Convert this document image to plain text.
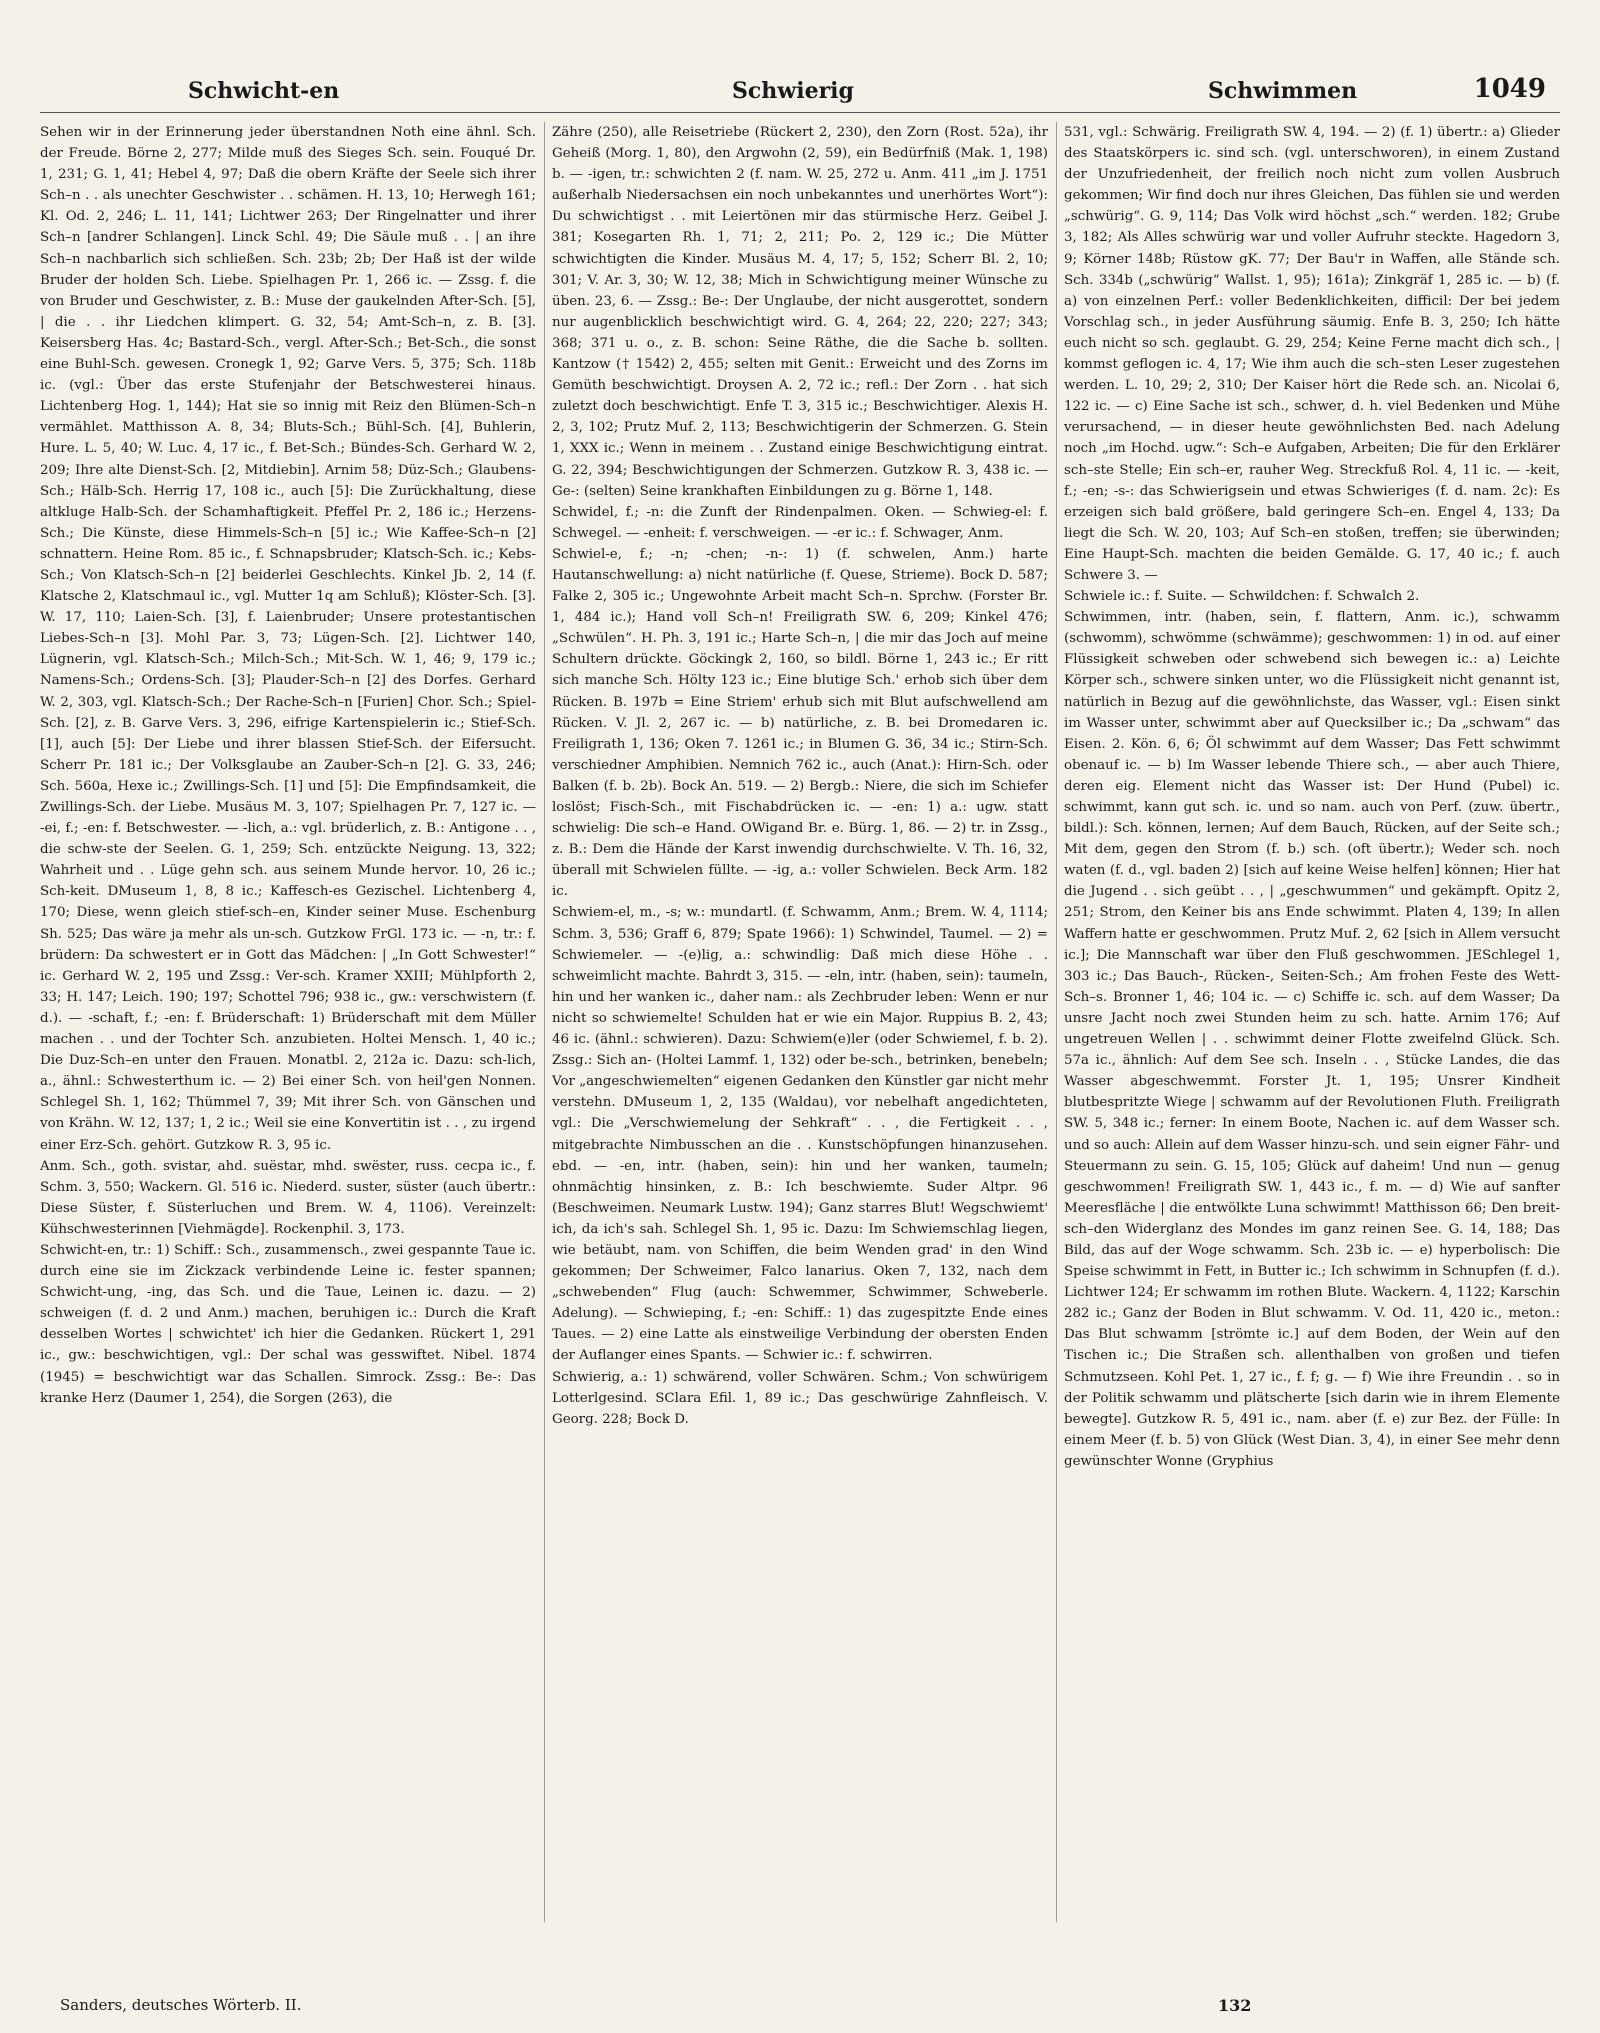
Schwicht-en	Schwierig	Schwimmen	1049

Sehen wir in der Erinnerung jeder überstandnen Noth eine ähnl. Sch. der Freude. Börne 2, 277; Milde muß des Sieges Sch. sein. Fouqué Dr. 1, 231; G. 1, 41; Hebel 4, 97; Daß die obern Kräfte der Seele sich ihrer Sch–n . . als unechter Geschwister . . schämen. H. 13, 10; Herwegh 161; Kl. Od. 2, 246; L. 11, 141; Lichtwer 263; Der Ringelnatter und ihrer Sch–n [andrer Schlangen]. Linck Schl. 49; Die Säule muß . . | an ihre Sch–n nachbarlich sich schließen. Sch. 23b; 2b; Der Haß ist der wilde Bruder der holden Sch. Liebe. Spielhagen Pr. 1, 266 ic. — Zssg. f. die von Bruder und Geschwister, z. B.: Muse der gaukelnden After-Sch. [5], | die . . ihr Liedchen klimpert. G. 32, 54; Amt-Sch–n, z. B. [3]. Keisersberg Has. 4c; Bastard-Sch., vergl. After-Sch.; Bet-Sch., die sonst eine Buhl-Sch. gewesen. Cronegk 1, 92; Garve Vers. 5, 375; Sch. 118b ic. (vgl.: Über das erste Stufenjahr der Betschwesterei hinaus. Lichtenberg Hog. 1, 144); Hat sie so innig mit Reiz den Blümen-Sch–n vermählet. Matthisson A. 8, 34; Bluts-Sch.; Bühl-Sch. [4], Buhlerin, Hure. L. 5, 40; W. Luc. 4, 17 ic., f. Bet-Sch.; Bündes-Sch. Gerhard W. 2, 209; Ihre alte Dienst-Sch. [2, Mitdiebin]. Arnim 58; Düz-Sch.; Glaubens-Sch.; Hälb-Sch. Herrig 17, 108 ic., auch [5]: Die Zurückhaltung, diese altkluge Halb-Sch. der Schamhaftigkeit. Pfeffel Pr. 2, 186 ic.; Herzens-Sch.; Die Künste, diese Himmels-Sch–n [5] ic.; Wie Kaffee-Sch–n [2] schnattern. Heine Rom. 85 ic., f. Schnapsbruder; Klatsch-Sch. ic.; Kebs-Sch.; Von Klatsch-Sch–n [2] beiderlei Geschlechts. Kinkel Jb. 2, 14 (f. Klatsche 2, Klatschmaul ic., vgl. Mutter 1q am Schluß); Klöster-Sch. [3]. W. 17, 110; Laien-Sch. [3], f. Laienbruder; Unsere protestantischen Liebes-Sch–n [3]. Mohl Par. 3, 73; Lügen-Sch. [2]. Lichtwer 140, Lügnerin, vgl. Klatsch-Sch.; Milch-Sch.; Mit-Sch. W. 1, 46; 9, 179 ic.; Namens-Sch.; Ordens-Sch. [3]; Plauder-Sch–n [2] des Dorfes. Gerhard W. 2, 303, vgl. Klatsch-Sch.; Der Rache-Sch–n [Furien] Chor. Sch.; Spiel-Sch. [2], z. B. Garve Vers. 3, 296, eifrige Kartenspielerin ic.; Stief-Sch. [1], auch [5]: Der Liebe und ihrer blassen Stief-Sch. der Eifersucht. Scherr Pr. 181 ic.; Der Volksglaube an Zauber-Sch–n [2]. G. 33, 246; Sch. 560a, Hexe ic.; Zwillings-Sch. [1] und [5]: Die Empfindsamkeit, die Zwillings-Sch. der Liebe. Musäus M. 3, 107; Spielhagen Pr. 7, 127 ic. — -ei, f.; -en: f. Betschwester. — -lich, a.: vgl. brüderlich, z. B.: Antigone . . , die schw-ste der Seelen. G. 1, 259; Sch. entzückte Neigung. 13, 322; Wahrheit und . . Lüge gehn sch. aus seinem Munde hervor. 10, 26 ic.; Sch-keit. DMuseum 1, 8, 8 ic.; Kaffesch-es Gezischel. Lichtenberg 4, 170; Diese, wenn gleich stief-sch–en, Kinder seiner Muse. Eschenburg Sh. 525; Das wäre ja mehr als un-sch. Gutzkow FrGl. 173 ic. — -n, tr.: f. brüdern: Da schwestert er in Gott das Mädchen: | „In Gott Schwester!“ ic. Gerhard W. 2, 195 und Zssg.: Ver-sch. Kramer XXIII; Mühlpforth 2, 33; H. 147; Leich. 190; 197; Schottel 796; 938 ic., gw.: verschwistern (f. d.). — -schaft, f.; -en: f. Brüderschaft: 1) Brüderschaft mit dem Müller machen . . und der Tochter Sch. anzubieten. Holtei Mensch. 1, 40 ic.; Die Duz-Sch–en unter den Frauen. Monatbl. 2, 212a ic. Dazu: sch-lich, a., ähnl.: Schwesterthum ic. — 2) Bei einer Sch. von heil'gen Nonnen. Schlegel Sh. 1, 162; Thümmel 7, 39; Mit ihrer Sch. von Gänschen und von Krähn. W. 12, 137; 1, 2 ic.; Weil sie eine Konvertitin ist . . , zu irgend einer Erz-Sch. gehört. Gutzkow R. 3, 95 ic.

Anm. Sch., goth. svistar, ahd. suëstar, mhd. swëster, russ. cecpa ic., f. Schm. 3, 550; Wackern. Gl. 516 ic. Niederd. suster, süster (auch übertr.: Diese Süster, f. Süsterluchen und Brem. W. 4, 1106). Vereinzelt: Kühschwesterinnen [Viehmägde]. Rockenphil. 3, 173.

Schwicht-en, tr.: 1) Schiff.: Sch., zusammensch., zwei gespannte Taue ic. durch eine sie im Zickzack verbindende Leine ic. fester spannen; Schwicht-ung, -ing, das Sch. und die Taue, Leinen ic. dazu. — 2) schweigen (f. d. 2 und Anm.) machen, beruhigen ic.: Durch die Kraft desselben Wortes | schwichtet' ich hier die Gedanken. Rückert 1, 291 ic., gw.: beschwichtigen, vgl.: Der schal was gesswiftet. Nibel. 1874 (1945) = beschwichtigt war das Schallen. Simrock. Zssg.: Be-: Das kranke Herz (Daumer 1, 254), die Sorgen (263), die

Zähre (250), alle Reisetriebe (Rückert 2, 230), den Zorn (Rost. 52a), ihr Geheiß (Morg. 1, 80), den Argwohn (2, 59), ein Bedürfniß (Mak. 1, 198) b. — -igen, tr.: schwichten 2 (f. nam. W. 25, 272 u. Anm. 411 „im J. 1751 außerhalb Niedersachsen ein noch unbekanntes und unerhörtes Wort“): Du schwichtigst . . mit Leiertönen mir das stürmische Herz. Geibel J. 381; Kosegarten Rh. 1, 71; 2, 211; Po. 2, 129 ic.; Die Mütter schwichtigten die Kinder. Musäus M. 4, 17; 5, 152; Scherr Bl. 2, 10; 301; V. Ar. 3, 30; W. 12, 38; Mich in Schwichtigung meiner Wünsche zu üben. 23, 6. — Zssg.: Be-: Der Unglaube, der nicht ausgerottet, sondern nur augenblicklich beschwichtigt wird. G. 4, 264; 22, 220; 227; 343; 368; 371 u. o., z. B. schon: Seine Räthe, die die Sache b. sollten. Kantzow († 1542) 2, 455; selten mit Genit.: Erweicht und des Zorns im Gemüth beschwichtigt. Droysen A. 2, 72 ic.; refl.: Der Zorn . . hat sich zuletzt doch beschwichtigt. Enfe T. 3, 315 ic.; Beschwichtiger. Alexis H. 2, 3, 102; Prutz Muf. 2, 113; Beschwichtigerin der Schmerzen. G. Stein 1, XXX ic.; Wenn in meinem . . Zustand einige Beschwichtigung eintrat. G. 22, 394; Beschwichtigungen der Schmerzen. Gutzkow R. 3, 438 ic. — Ge-: (selten) Seine krankhaften Einbildungen zu g. Börne 1, 148.

Schwidel, f.; -n: die Zunft der Rindenpalmen. Oken. — Schwieg-el: f. Schwegel. — -enheit: f. verschweigen. — -er ic.: f. Schwager, Anm.

Schwiel-e, f.; -n; -chen; -n-: 1) (f. schwelen, Anm.) harte Hautanschwellung: a) nicht natürliche (f. Quese, Strieme). Bock D. 587; Falke 2, 305 ic.; Ungewohnte Arbeit macht Sch–n. Sprchw. (Forster Br. 1, 484 ic.); Hand voll Sch–n! Freiligrath SW. 6, 209; Kinkel 476; „Schwülen“. H. Ph. 3, 191 ic.; Harte Sch–n, | die mir das Joch auf meine Schultern drückte. Göckingk 2, 160, so bildl. Börne 1, 243 ic.; Er ritt sich manche Sch. Hölty 123 ic.; Eine blutige Sch.' erhob sich über dem Rücken. B. 197b = Eine Striem' erhub sich mit Blut aufschwellend am Rücken. V. Jl. 2, 267 ic. — b) natürliche, z. B. bei Dromedaren ic. Freiligrath 1, 136; Oken 7. 1261 ic.; in Blumen G. 36, 34 ic.; Stirn-Sch. verschiedner Amphibien. Nemnich 762 ic., auch (Anat.): Hirn-Sch. oder Balken (f. b. 2b). Bock An. 519. — 2) Bergb.: Niere, die sich im Schiefer loslöst; Fisch-Sch., mit Fischabdrücken ic. — -en: 1) a.: ugw. statt schwielig: Die sch–e Hand. OWigand Br. e. Bürg. 1, 86. — 2) tr. in Zssg., z. B.: Dem die Hände der Karst inwendig durchschwielte. V. Th. 16, 32, überall mit Schwielen füllte. — -ig, a.: voller Schwielen. Beck Arm. 182 ic.

Schwiem-el, m., -s; w.: mundartl. (f. Schwamm, Anm.; Brem. W. 4, 1114; Schm. 3, 536; Graff 6, 879; Spate 1966): 1) Schwindel, Taumel. — 2) = Schwiemeler. — -(e)lig, a.: schwindlig: Daß mich diese Höhe . . schweimlicht machte. Bahrdt 3, 315. — -eln, intr. (haben, sein): taumeln, hin und her wanken ic., daher nam.: als Zechbruder leben: Wenn er nur nicht so schwiemelte! Schulden hat er wie ein Major. Ruppius B. 2, 43; 46 ic. (ähnl.: schwieren). Dazu: Schwiem(e)ler (oder Schwiemel, f. b. 2). Zssg.: Sich an- (Holtei Lammf. 1, 132) oder be-sch., betrinken, benebeln; Vor „angeschwiemelten“ eigenen Gedanken den Künstler gar nicht mehr verstehn. DMuseum 1, 2, 135 (Waldau), vor nebelhaft angedichteten, vgl.: Die „Verschwiemelung der Sehkraft“ . . , die Fertigkeit . . , mitgebrachte Nimbusschen an die . . Kunstschöpfungen hinanzusehen. ebd. — -en, intr. (haben, sein): hin und her wanken, taumeln; ohnmächtig hinsinken, z. B.: Ich beschwiemte. Suder Altpr. 96 (Beschweimen. Neumark Lustw. 194); Ganz starres Blut! Wegschwiemt' ich, da ich's sah. Schlegel Sh. 1, 95 ic. Dazu: Im Schwiemschlag liegen, wie betäubt, nam. von Schiffen, die beim Wenden grad' in den Wind gekommen; Der Schweimer, Falco lanarius. Oken 7, 132, nach dem „schwebenden“ Flug (auch: Schwemmer, Schwimmer, Schweberle. Adelung). — Schwieping, f.; -en: Schiff.: 1) das zugespitzte Ende eines Taues. — 2) eine Latte als einstweilige Verbindung der obersten Enden der Auflanger eines Spants. — Schwier ic.: f. schwirren.

Schwierig, a.: 1) schwärend, voller Schwären. Schm.; Von schwürigem Lotterlgesind. SClara Efil. 1, 89 ic.; Das geschwürige Zahnfleisch. V. Georg. 228; Bock D.

531, vgl.: Schwärig. Freiligrath SW. 4, 194. — 2) (f. 1) übertr.: a) Glieder des Staatskörpers ic. sind sch. (vgl. unterschworen), in einem Zustand der Unzufriedenheit, der freilich noch nicht zum vollen Ausbruch gekommen; Wir find doch nur ihres Gleichen, Das fühlen sie und werden „schwürig“. G. 9, 114; Das Volk wird höchst „sch.“ werden. 182; Grube 3, 182; Als Alles schwürig war und voller Aufruhr steckte. Hagedorn 3, 9; Körner 148b; Rüstow gK. 77; Der Bau'r in Waffen, alle Stände sch. Sch. 334b („schwürig“ Wallst. 1, 95); 161a); Zinkgräf 1, 285 ic. — b) (f. a) von einzelnen Perf.: voller Bedenklichkeiten, difficil: Der bei jedem Vorschlag sch., in jeder Ausführung säumig. Enfe B. 3, 250; Ich hätte euch nicht so sch. geglaubt. G. 29, 254; Keine Ferne macht dich sch., | kommst geflogen ic. 4, 17; Wie ihm auch die sch–sten Leser zugestehen werden. L. 10, 29; 2, 310; Der Kaiser hört die Rede sch. an. Nicolai 6, 122 ic. — c) Eine Sache ist sch., schwer, d. h. viel Bedenken und Mühe verursachend, — in dieser heute gewöhnlichsten Bed. nach Adelung noch „im Hochd. ugw.“: Sch–e Aufgaben, Arbeiten; Die für den Erklärer sch–ste Stelle; Ein sch–er, rauher Weg. Streckfuß Rol. 4, 11 ic. — -keit, f.; -en; -s-: das Schwierigsein und etwas Schwieriges (f. d. nam. 2c): Es erzeigen sich bald größere, bald geringere Sch–en. Engel 4, 133; Da liegt die Sch. W. 20, 103; Auf Sch–en stoßen, treffen; sie überwinden; Eine Haupt-Sch. machten die beiden Gemälde. G. 17, 40 ic.; f. auch Schwere 3. —

Schwiele ic.: f. Suite. — Schwildchen: f. Schwalch 2.

Schwimmen, intr. (haben, sein, f. flattern, Anm. ic.), schwamm (schwomm), schwömme (schwämme); geschwommen: 1) in od. auf einer Flüssigkeit schweben oder schwebend sich bewegen ic.: a) Leichte Körper sch., schwere sinken unter, wo die Flüssigkeit nicht genannt ist, natürlich in Bezug auf die gewöhnlichste, das Wasser, vgl.: Eisen sinkt im Wasser unter, schwimmt aber auf Quecksilber ic.; Da „schwam“ das Eisen. 2. Kön. 6, 6; Öl schwimmt auf dem Wasser; Das Fett schwimmt obenauf ic. — b) Im Wasser lebende Thiere sch., — aber auch Thiere, deren eig. Element nicht das Wasser ist: Der Hund (Pubel) ic. schwimmt, kann gut sch. ic. und so nam. auch von Perf. (zuw. übertr., bildl.): Sch. können, lernen; Auf dem Bauch, Rücken, auf der Seite sch.; Mit dem, gegen den Strom (f. b.) sch. (oft übertr.); Weder sch. noch waten (f. d., vgl. baden 2) [sich auf keine Weise helfen] können; Hier hat die Jugend . . sich geübt . . , | „geschwummen“ und gekämpft. Opitz 2, 251; Strom, den Keiner bis ans Ende schwimmt. Platen 4, 139; In allen Waffern hatte er geschwommen. Prutz Muf. 2, 62 [sich in Allem versucht ic.]; Die Mannschaft war über den Fluß geschwommen. JESchlegel 1, 303 ic.; Das Bauch-, Rücken-, Seiten-Sch.; Am frohen Feste des Wett-Sch–s. Bronner 1, 46; 104 ic. — c) Schiffe ic. sch. auf dem Wasser; Da unsre Jacht noch zwei Stunden heim zu sch. hatte. Arnim 176; Auf ungetreuen Wellen | . . schwimmt deiner Flotte zweifelnd Glück. Sch. 57a ic., ähnlich: Auf dem See sch. Inseln . . , Stücke Landes, die das Wasser abgeschwemmt. Forster Jt. 1, 195; Unsrer Kindheit blutbespritzte Wiege | schwamm auf der Revolutionen Fluth. Freiligrath SW. 5, 348 ic.; ferner: In einem Boote, Nachen ic. auf dem Wasser sch. und so auch: Allein auf dem Wasser hinzu-sch. und sein eigner Fähr- und Steuermann zu sein. G. 15, 105; Glück auf daheim! Und nun — genug geschwommen! Freiligrath SW. 1, 443 ic., f. m. — d) Wie auf sanfter Meeresfläche | die entwölkte Luna schwimmt! Matthisson 66; Den breit-sch–den Widerglanz des Mondes im ganz reinen See. G. 14, 188; Das Bild, das auf der Woge schwamm. Sch. 23b ic. — e) hyperbolisch: Die Speise schwimmt in Fett, in Butter ic.; Ich schwimm in Schnupfen (f. d.). Lichtwer 124; Er schwamm im rothen Blute. Wackern. 4, 1122; Karschin 282 ic.; Ganz der Boden in Blut schwamm. V. Od. 11, 420 ic., meton.: Das Blut schwamm [strömte ic.] auf dem Boden, der Wein auf den Tischen ic.; Die Straßen sch. allenthalben von großen und tiefen Schmutzseen. Kohl Pet. 1, 27 ic., f. f; g. — f) Wie ihre Freundin . . so in der Politik schwamm und plätscherte [sich darin wie in ihrem Elemente bewegte]. Gutzkow R. 5, 491 ic., nam. aber (f. e) zur Bez. der Fülle: In einem Meer (f. b. 5) von Glück (West Dian. 3, 4), in einer See mehr denn gewünschter Wonne (Gryphius

Sanders, deutsches Wörterb. II.	132
